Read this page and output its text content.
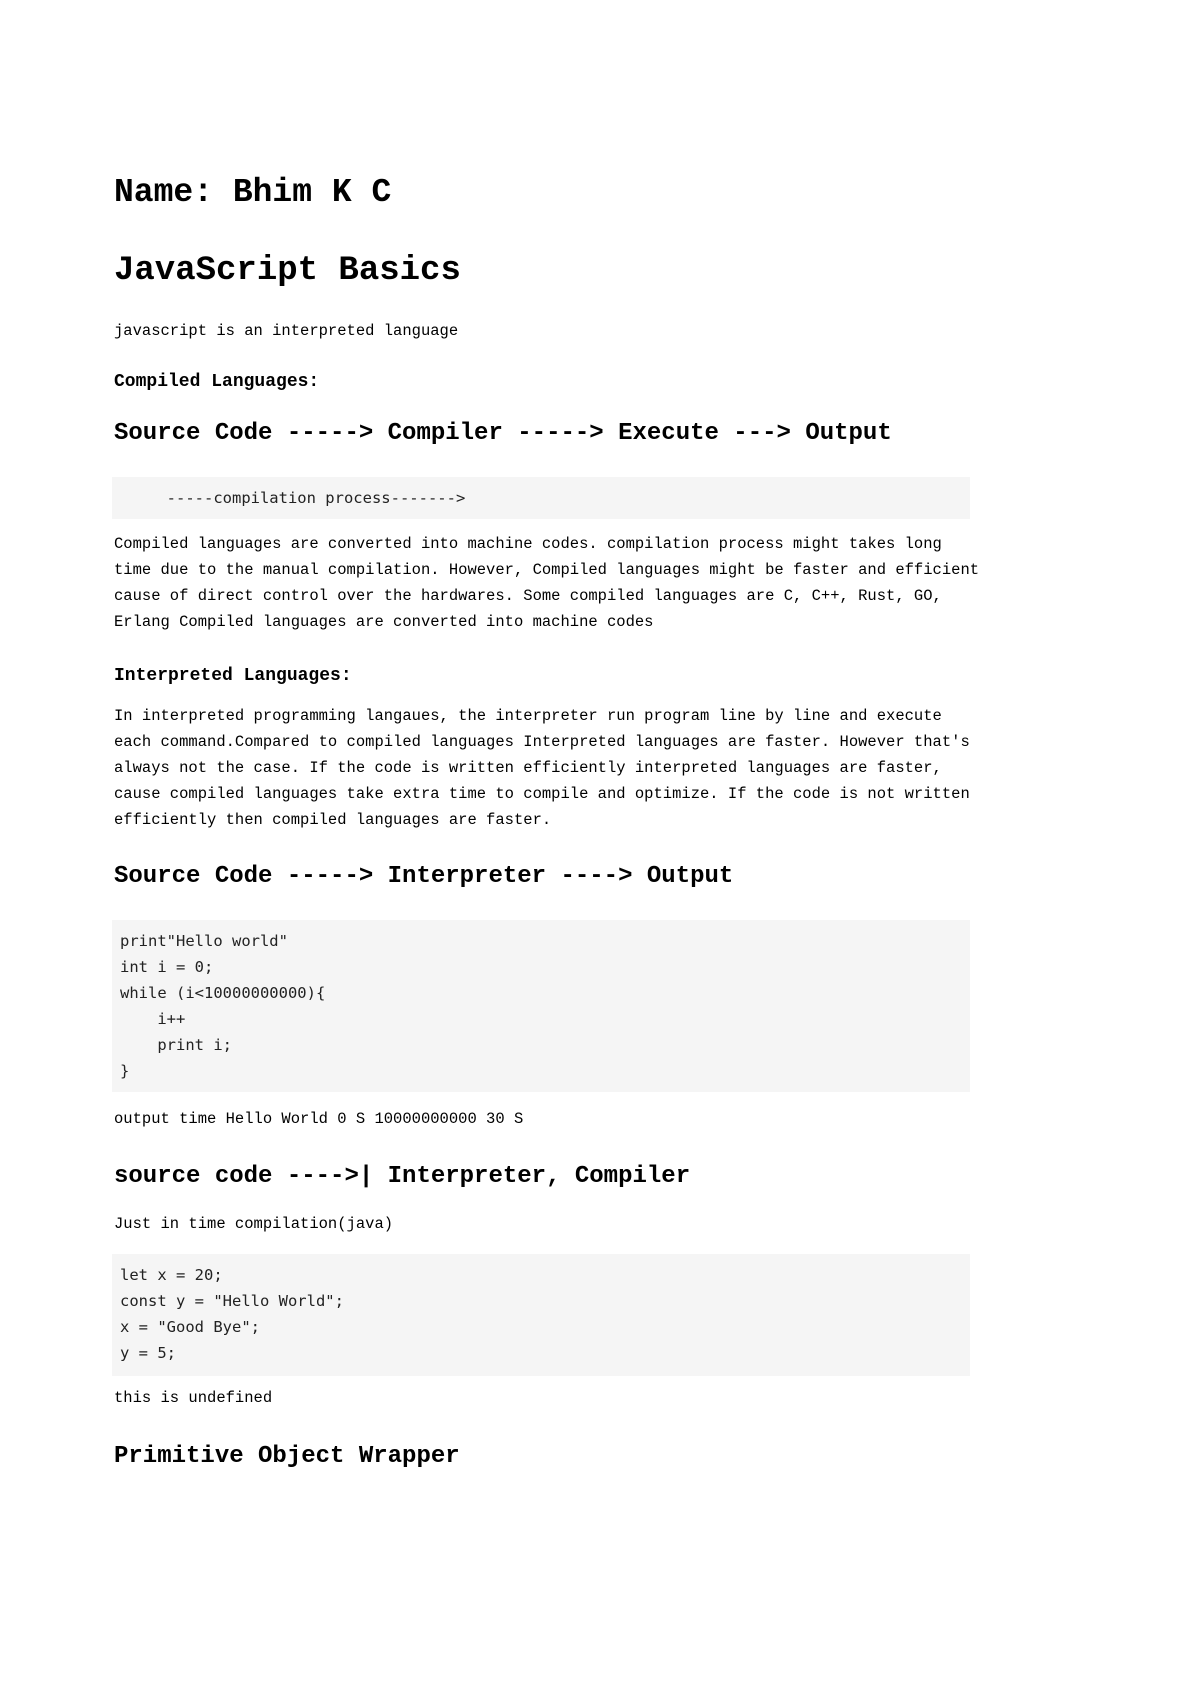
Name: Bhim K C
JavaScript Basics

javascript is an interpreted language

Compiled Languages:
Source Code -----> Compiler -----> Execute ---> Output
-----compilation process------->

Compiled languages are converted into machine codes. compilation process might takes long time due to the manual compilation. However, Compiled languages might be faster and efficient cause of direct control over the hardwares. Some compiled languages are C, C++, Rust, GO, Erlang Compiled languages are converted into machine codes

Interpreted Languages:

In interpreted programming langaues, the interpreter run program line by line and execute each command.Compared to compiled languages Interpreted languages are faster. However that's always not the case. If the code is written efficiently interpreted languages are faster, cause compiled languages take extra time to compile and optimize. If the code is not written efficiently then compiled languages are faster.

Source Code -----> Interpreter ----> Output
print"Hello world"
int i = 0;
while (i<10000000000){
i++
print i;
}

output time Hello World 0 S 10000000000 30 S

source code ---->| Interpreter, Compiler

Just in time compilation(java)

let x = 20;
const y = "Hello World";
x = "Good Bye";
y = 5;

this is undefined

Primitive Object Wrapper
